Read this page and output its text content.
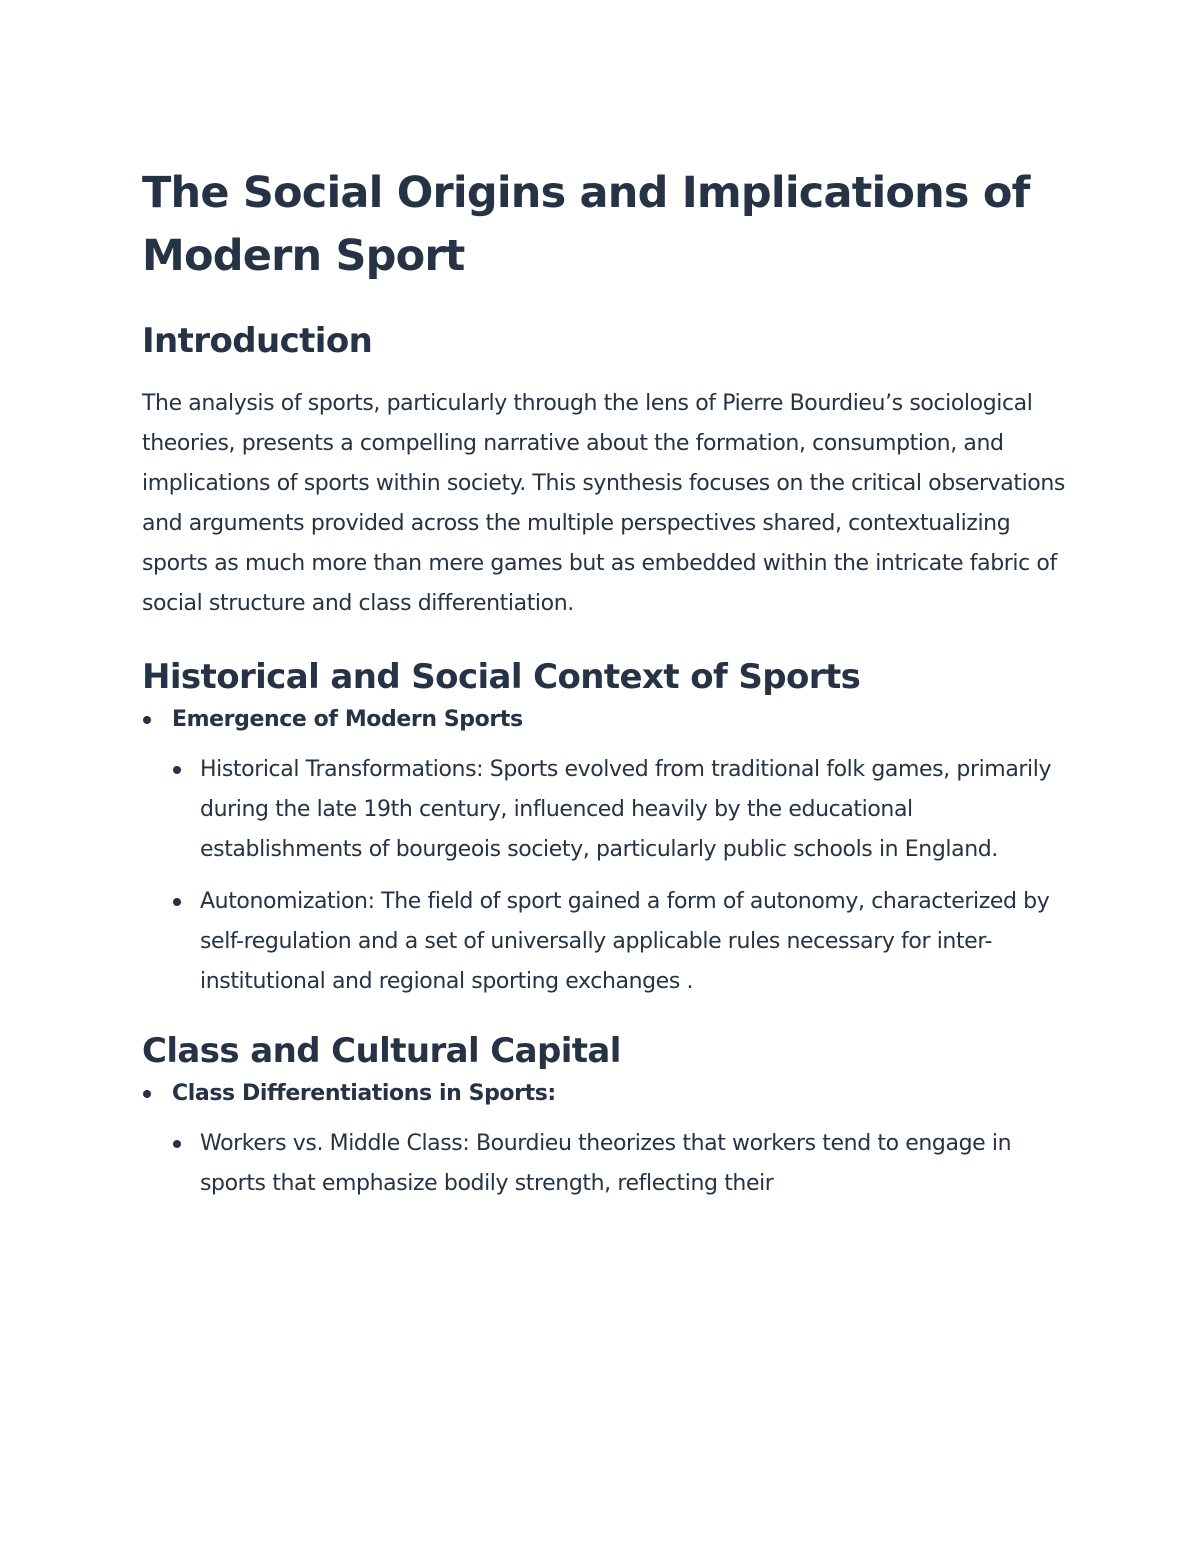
The Social Origins and Implications of Modern Sport
Introduction

The analysis of sports, particularly through the lens of Pierre Bourdieu’s sociological theories, presents a compelling narrative about the formation, consumption, and implications of sports within society. This synthesis focuses on the critical observations and arguments provided across the multiple perspectives shared, contextualizing sports as much more than mere games but as embedded within the intricate fabric of social structure and class differentiation.

Historical and Social Context of Sports
Emergence of Modern Sports
Historical Transformations: Sports evolved from traditional folk games, primarily during the late 19th century, influenced heavily by the educational establishments of bourgeois society, particularly public schools in England.
Autonomization: The field of sport gained a form of autonomy, characterized by self-regulation and a set of universally applicable rules necessary for inter-institutional and regional sporting exchanges .
Class and Cultural Capital
Class Differentiations in Sports:
Workers vs. Middle Class: Bourdieu theorizes that workers tend to engage in sports that emphasize bodily strength, reflecting their
